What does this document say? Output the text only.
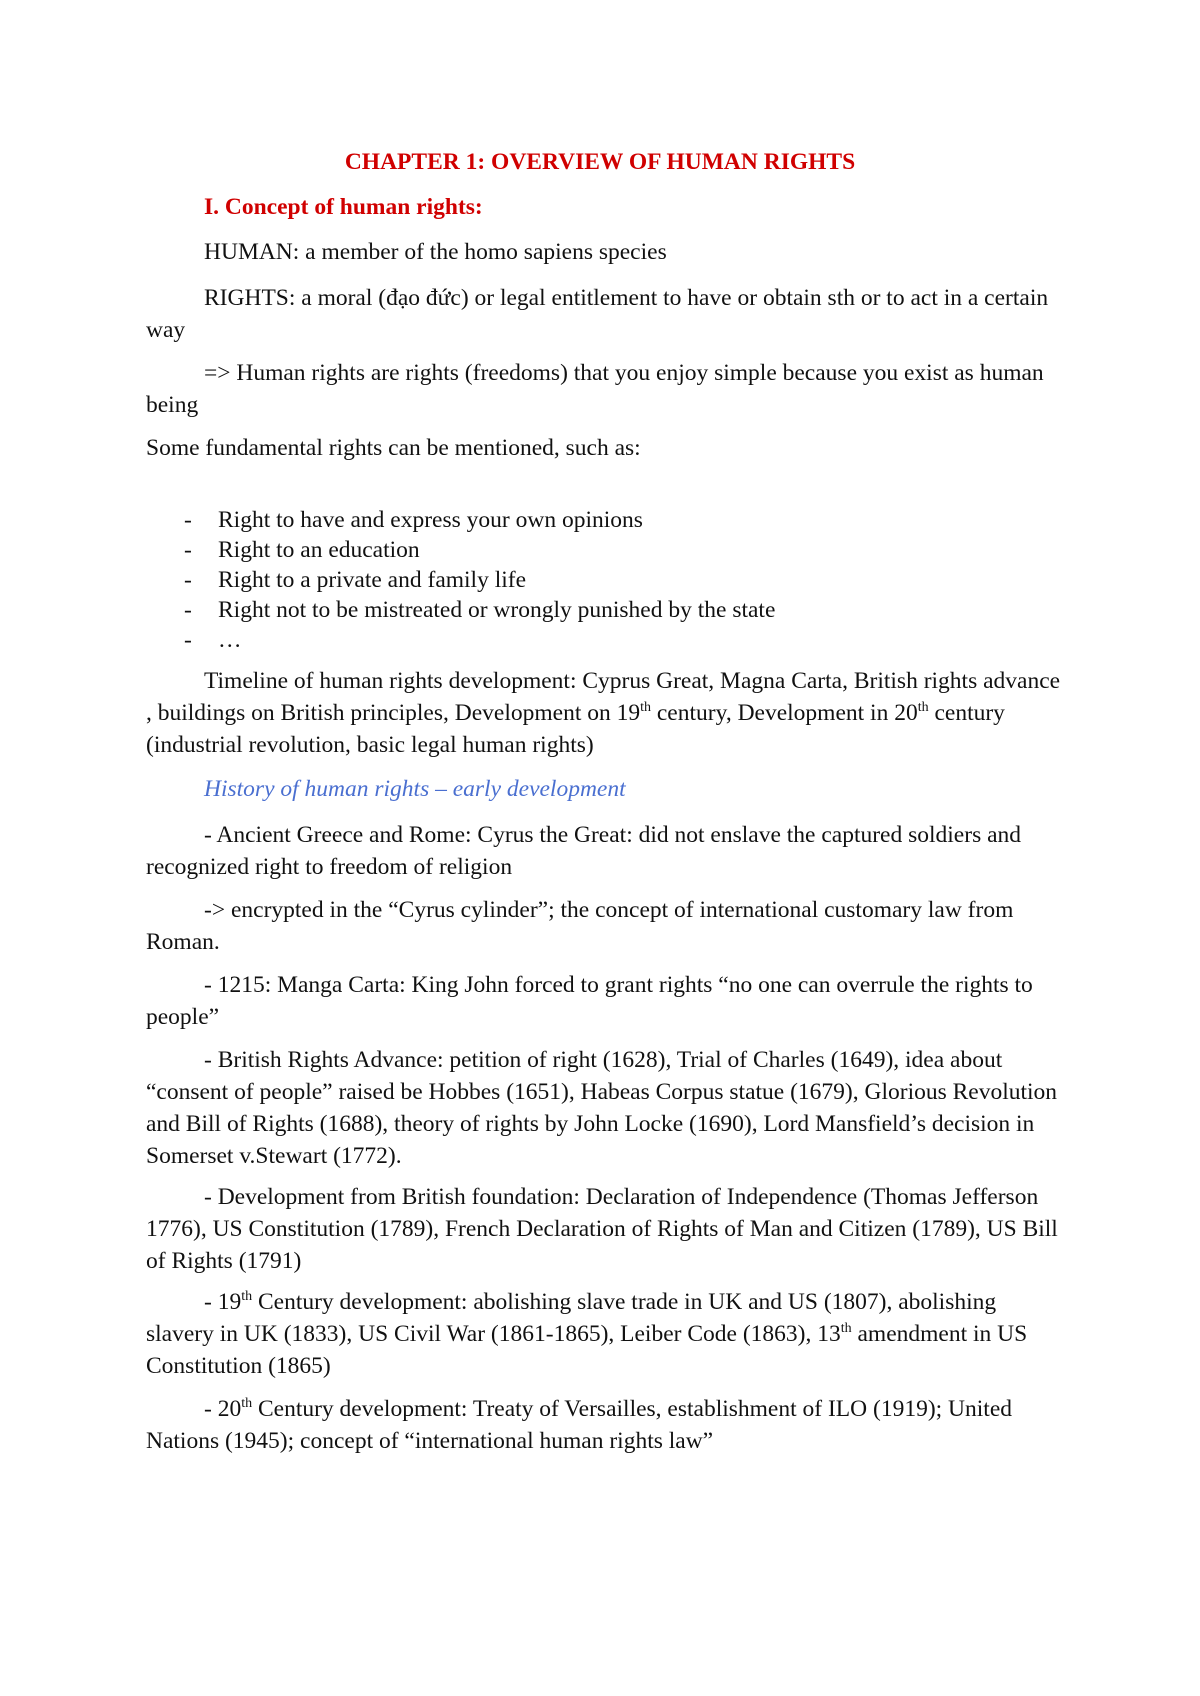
CHAPTER 1: OVERVIEW OF HUMAN RIGHTS
I. Concept of human rights:
HUMAN: a member of the homo sapiens species
RIGHTS: a moral (đạo đức) or legal entitlement to have or obtain sth or to act in a certain way
=> Human rights are rights (freedoms) that you enjoy simple because you exist as human being
Some fundamental rights can be mentioned, such as:
- Right to have and express your own opinions
- Right to an education
- Right to a private and family life
- Right not to be mistreated or wrongly punished by the state
- …
Timeline of human rights development: Cyprus Great, Magna Carta, British rights advance , buildings on British principles, Development on 19th century, Development in 20th century (industrial revolution, basic legal human rights)
History of human rights – early development
- Ancient Greece and Rome: Cyrus the Great: did not enslave the captured soldiers and recognized right to freedom of religion
-> encrypted in the “Cyrus cylinder”; the concept of international customary law from Roman.
- 1215: Manga Carta: King John forced to grant rights “no one can overrule the rights to people”
- British Rights Advance: petition of right (1628), Trial of Charles (1649), idea about “consent of people” raised be Hobbes (1651), Habeas Corpus statue (1679), Glorious Revolution and Bill of Rights (1688), theory of rights by John Locke (1690), Lord Mansfield’s decision in Somerset v.Stewart (1772).
- Development from British foundation: Declaration of Independence (Thomas Jefferson 1776), US Constitution (1789), French Declaration of Rights of Man and Citizen (1789), US Bill of Rights (1791)
- 19th Century development: abolishing slave trade in UK and US (1807), abolishing slavery in UK (1833), US Civil War (1861-1865), Leiber Code (1863), 13th amendment in US Constitution (1865)
- 20th Century development: Treaty of Versailles, establishment of ILO (1919); United Nations (1945); concept of “international human rights law”
